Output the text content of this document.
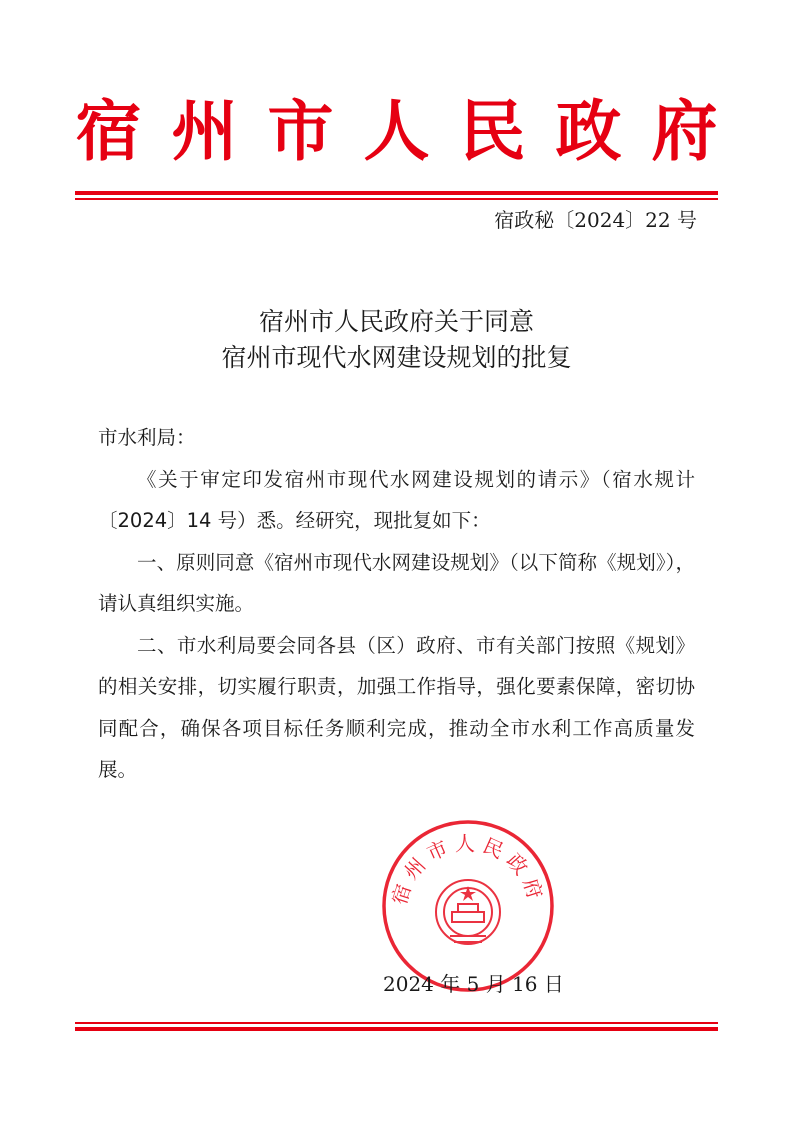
宿州市人民政府
宿政秘〔2024〕22 号
宿州市人民政府关于同意
宿州市现代水网建设规划的批复

市水利局：

《关于审定印发宿州市现代水网建设规划的请示》（宿水规计〔2024〕14 号）悉。经研究，现批复如下：

一、原则同意《宿州市现代水网建设规划》（以下简称《规划》），请认真组织实施。

二、市水利局要会同各县（区）政府、市有关部门按照《规划》的相关安排，切实履行职责，加强工作指导，强化要素保障，密切协同配合，确保各项目标任务顺利完成，推动全市水利工作高质量发展。

宿州市人民政府
2024 年 5 月 16 日
